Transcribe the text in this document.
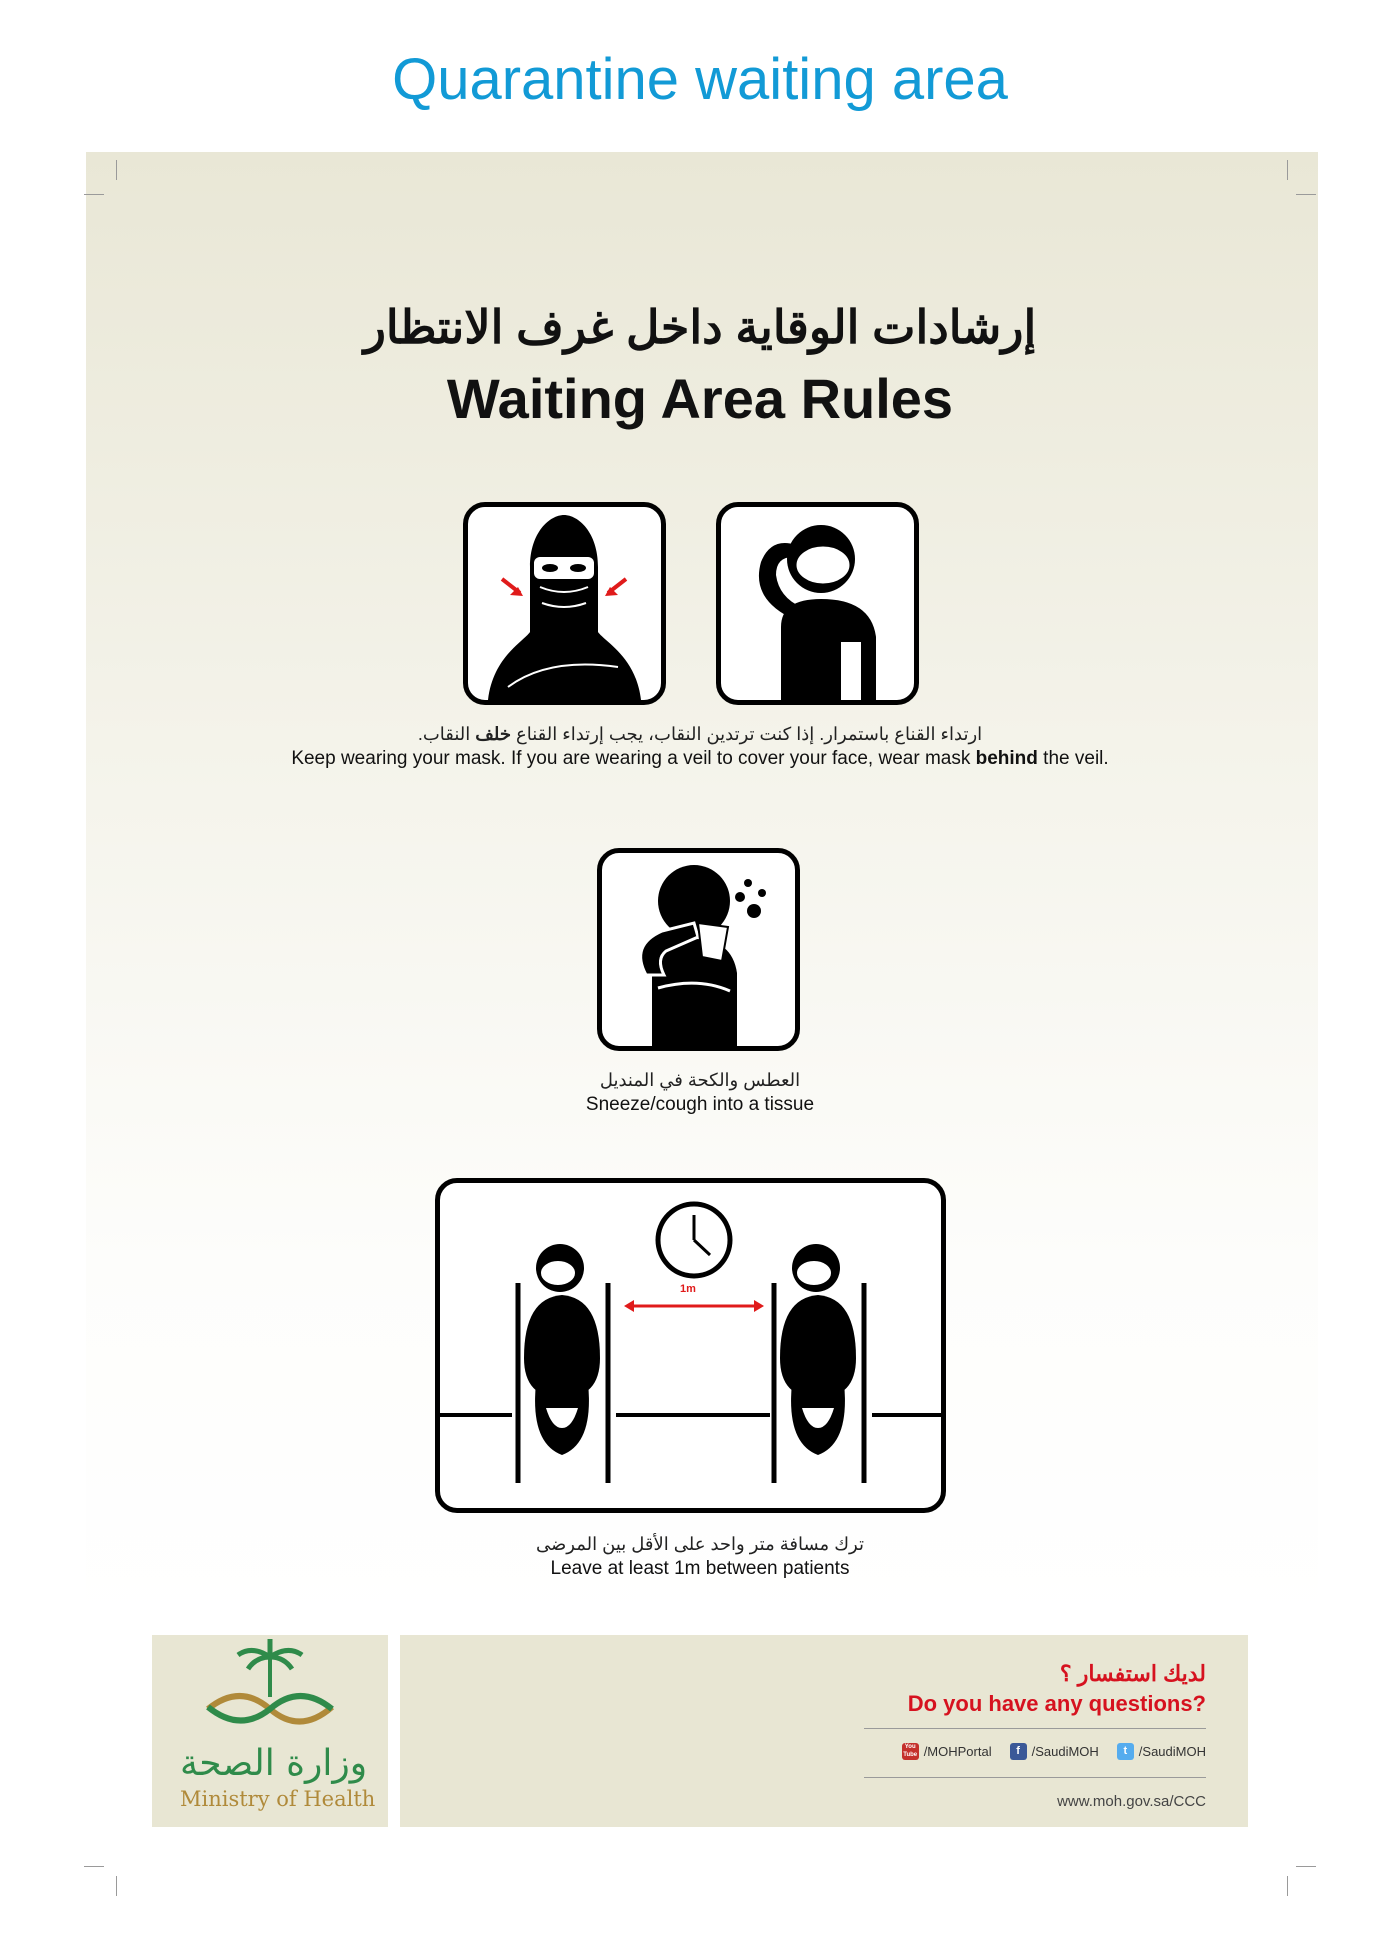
Quarantine waiting area
إرشادات الوقاية داخل غرف الانتظار
Waiting Area Rules
ارتداء القناع باستمرار. إذا كنت ترتدين النقاب، يجب إرتداء القناع خلف النقاب.
Keep wearing your mask. If you are wearing a veil to cover your face, wear mask behind the veil.
العطس والكحة في المنديل
Sneeze/cough into a tissue
1m
ترك مسافة متر واحد على الأقل بين المرضى
Leave at least 1m between patients
وزارة الصحة
Ministry of Health
لديك استفسار ؟
Do you have any questions?
You Tube /MOHPortal	f /SaudiMOH	t /SaudiMOH
www.moh.gov.sa/CCC
